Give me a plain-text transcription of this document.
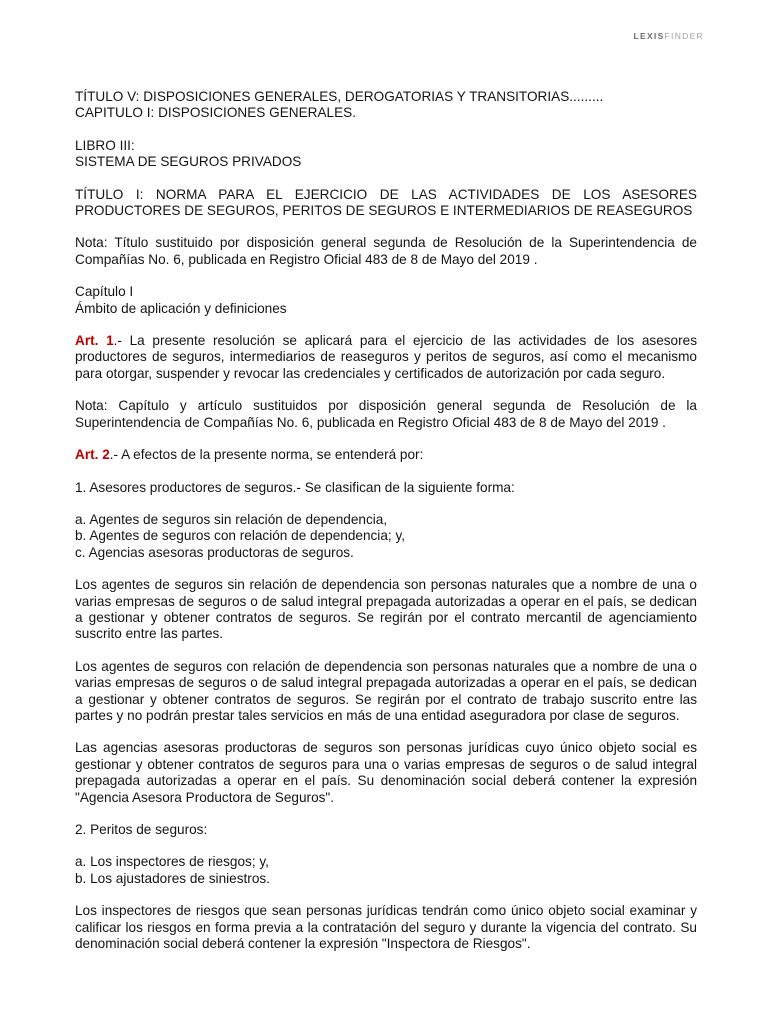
LEXISFINDER

TÍTULO V: DISPOSICIONES GENERALES, DEROGATORIAS Y TRANSITORIAS.........
CAPITULO I: DISPOSICIONES GENERALES.

LIBRO III:
SISTEMA DE SEGUROS PRIVADOS

TÍTULO I: NORMA PARA EL EJERCICIO DE LAS ACTIVIDADES DE LOS ASESORES PRODUCTORES DE SEGUROS, PERITOS DE SEGUROS E INTERMEDIARIOS DE REASEGUROS

Nota: Título sustituido por disposición general segunda de Resolución de la Superintendencia de Compañías No. 6, publicada en Registro Oficial 483 de 8 de Mayo del 2019 .

Capítulo I
Ámbito de aplicación y definiciones

Art. 1.- La presente resolución se aplicará para el ejercicio de las actividades de los asesores productores de seguros, intermediarios de reaseguros y peritos de seguros, así como el mecanismo para otorgar, suspender y revocar las credenciales y certificados de autorización por cada seguro.

Nota: Capítulo y artículo sustituidos por disposición general segunda de Resolución de la Superintendencia de Compañías No. 6, publicada en Registro Oficial 483 de 8 de Mayo del 2019 .

Art. 2.- A efectos de la presente norma, se entenderá por:

1. Asesores productores de seguros.- Se clasifican de la siguiente forma:

a. Agentes de seguros sin relación de dependencia,
b. Agentes de seguros con relación de dependencia; y,
c. Agencias asesoras productoras de seguros.

Los agentes de seguros sin relación de dependencia son personas naturales que a nombre de una o varias empresas de seguros o de salud integral prepagada autorizadas a operar en el país, se dedican a gestionar y obtener contratos de seguros. Se regirán por el contrato mercantil de agenciamiento suscrito entre las partes.

Los agentes de seguros con relación de dependencia son personas naturales que a nombre de una o varias empresas de seguros o de salud integral prepagada autorizadas a operar en el país, se dedican a gestionar y obtener contratos de seguros. Se regirán por el contrato de trabajo suscrito entre las partes y no podrán prestar tales servicios en más de una entidad aseguradora por clase de seguros.

Las agencias asesoras productoras de seguros son personas jurídicas cuyo único objeto social es gestionar y obtener contratos de seguros para una o varias empresas de seguros o de salud integral prepagada autorizadas a operar en el país. Su denominación social deberá contener la expresión "Agencia Asesora Productora de Seguros".

2. Peritos de seguros:

a. Los inspectores de riesgos; y,
b. Los ajustadores de siniestros.

Los inspectores de riesgos que sean personas jurídicas tendrán como único objeto social examinar y calificar los riesgos en forma previa a la contratación del seguro y durante la vigencia del contrato. Su denominación social deberá contener la expresión "Inspectora de Riesgos".
